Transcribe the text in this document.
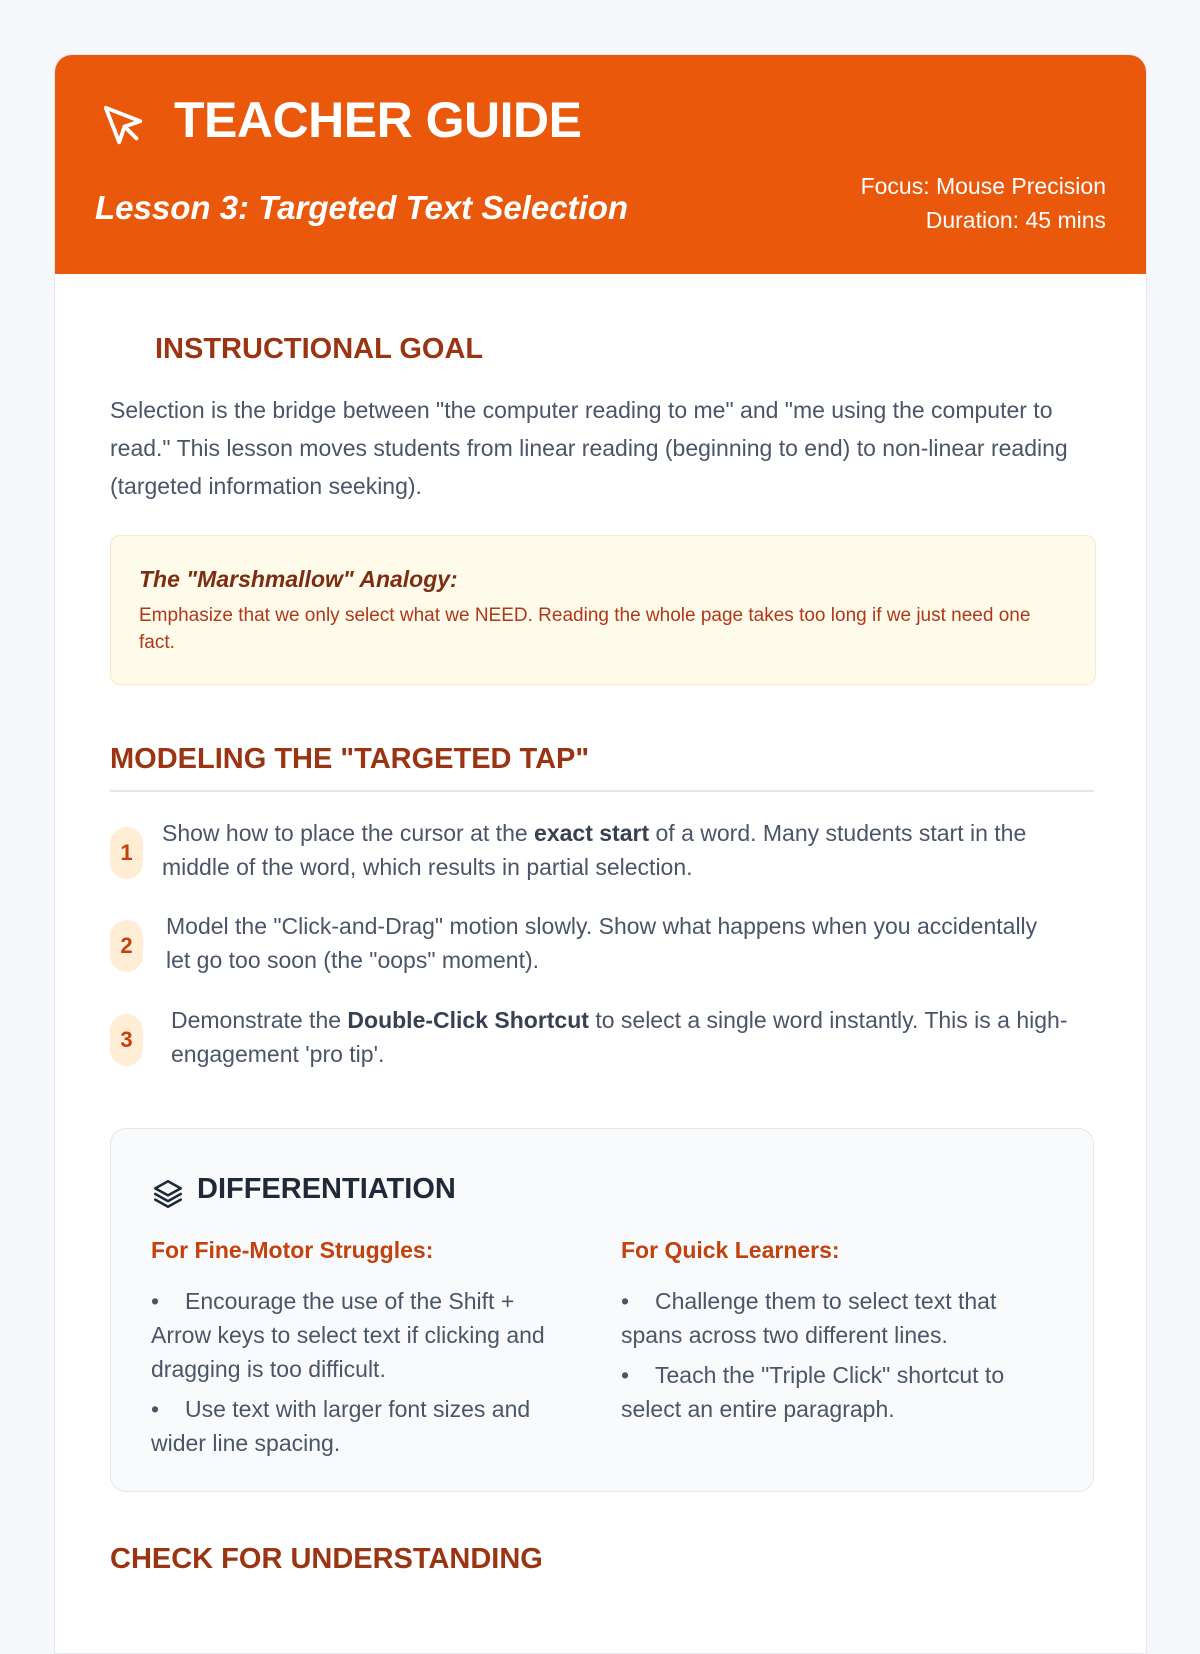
TEACHER GUIDE
Lesson 3: Targeted Text Selection
Focus: Mouse Precision
Duration: 45 mins
INSTRUCTIONAL GOAL

Selection is the bridge between "the computer reading to me" and "me using the computer to read." This lesson moves students from linear reading (beginning to end) to non-linear reading (targeted information seeking).

The "Marshmallow" Analogy:
Emphasize that we only select what we NEED. Reading the whole page takes too long if we just need one fact.
MODELING THE "TARGETED TAP"
1
Show how to place the cursor at the exact start of a word. Many students start in the middle of the word, which results in partial selection.
2
Model the "Click-and-Drag" motion slowly. Show what happens when you accidentally let go too soon (the "oops" moment).
3
Demonstrate the Double-Click Shortcut to select a single word instantly. This is a high-engagement 'pro tip'.
DIFFERENTIATION
For Fine-Motor Struggles:
• Encourage the use of the Shift + Arrow keys to select text if clicking and dragging is too difficult.
• Use text with larger font sizes and wider line spacing.
For Quick Learners:
• Challenge them to select text that spans across two different lines.
• Teach the "Triple Click" shortcut to select an entire paragraph.
CHECK FOR UNDERSTANDING
